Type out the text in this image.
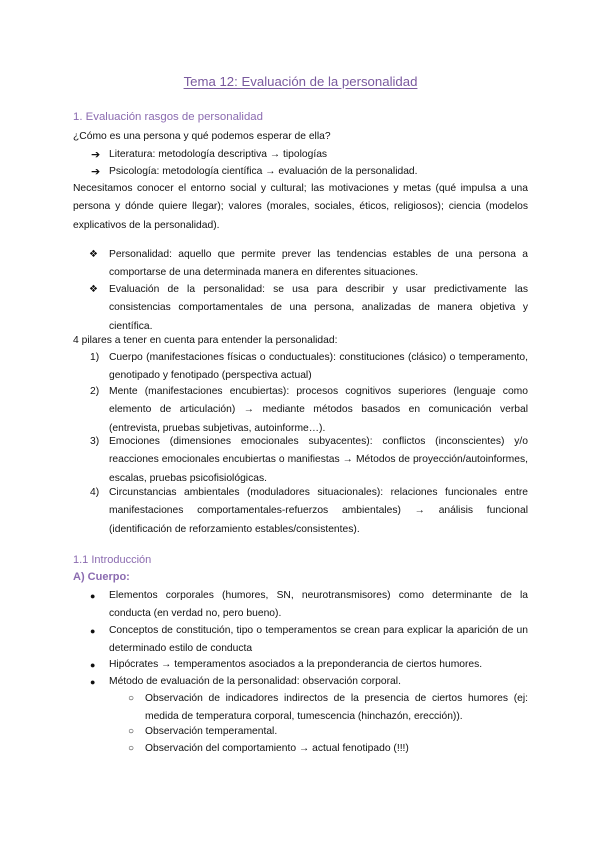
Tema 12: Evaluación de la personalidad
1. Evaluación rasgos de personalidad
¿Cómo es una persona y qué podemos esperar de ella?
➔ Literatura: metodología descriptiva → tipologías
➔ Psicología: metodología científica → evaluación de la personalidad.
Necesitamos conocer el entorno social y cultural; las motivaciones y metas (qué impulsa a una persona y dónde quiere llegar); valores (morales, sociales, éticos, religiosos); ciencia (modelos explicativos de la personalidad).
❖ Personalidad: aquello que permite prever las tendencias estables de una persona a comportarse de una determinada manera en diferentes situaciones.
❖ Evaluación de la personalidad: se usa para describir y usar predictivamente las consistencias comportamentales de una persona, analizadas de manera objetiva y científica.
4 pilares a tener en cuenta para entender la personalidad:
1) Cuerpo (manifestaciones físicas o conductuales): constituciones (clásico) o temperamento, genotipado y fenotipado (perspectiva actual)
2) Mente (manifestaciones encubiertas): procesos cognitivos superiores (lenguaje como elemento de articulación) → mediante métodos basados en comunicación verbal (entrevista, pruebas subjetivas, autoinforme…).
3) Emociones (dimensiones emocionales subyacentes): conflictos (inconscientes) y/o reacciones emocionales encubiertas o manifiestas → Métodos de proyección/autoinformes, escalas, pruebas psicofisiológicas.
4) Circunstancias ambientales (moduladores situacionales): relaciones funcionales entre manifestaciones comportamentales-refuerzos ambientales) → análisis funcional (identificación de reforzamiento estables/consistentes).
1.1 Introducción
A) Cuerpo:
● Elementos corporales (humores, SN, neurotransmisores) como determinante de la conducta (en verdad no, pero bueno).
● Conceptos de constitución, tipo o temperamentos se crean para explicar la aparición de un determinado estilo de conducta
● Hipócrates → temperamentos asociados a la preponderancia de ciertos humores.
● Método de evaluación de la personalidad: observación corporal.
○ Observación de indicadores indirectos de la presencia de ciertos humores (ej: medida de temperatura corporal, tumescencia (hinchazón, erección)).
○ Observación temperamental.
○ Observación del comportamiento → actual fenotipado (!!!)
